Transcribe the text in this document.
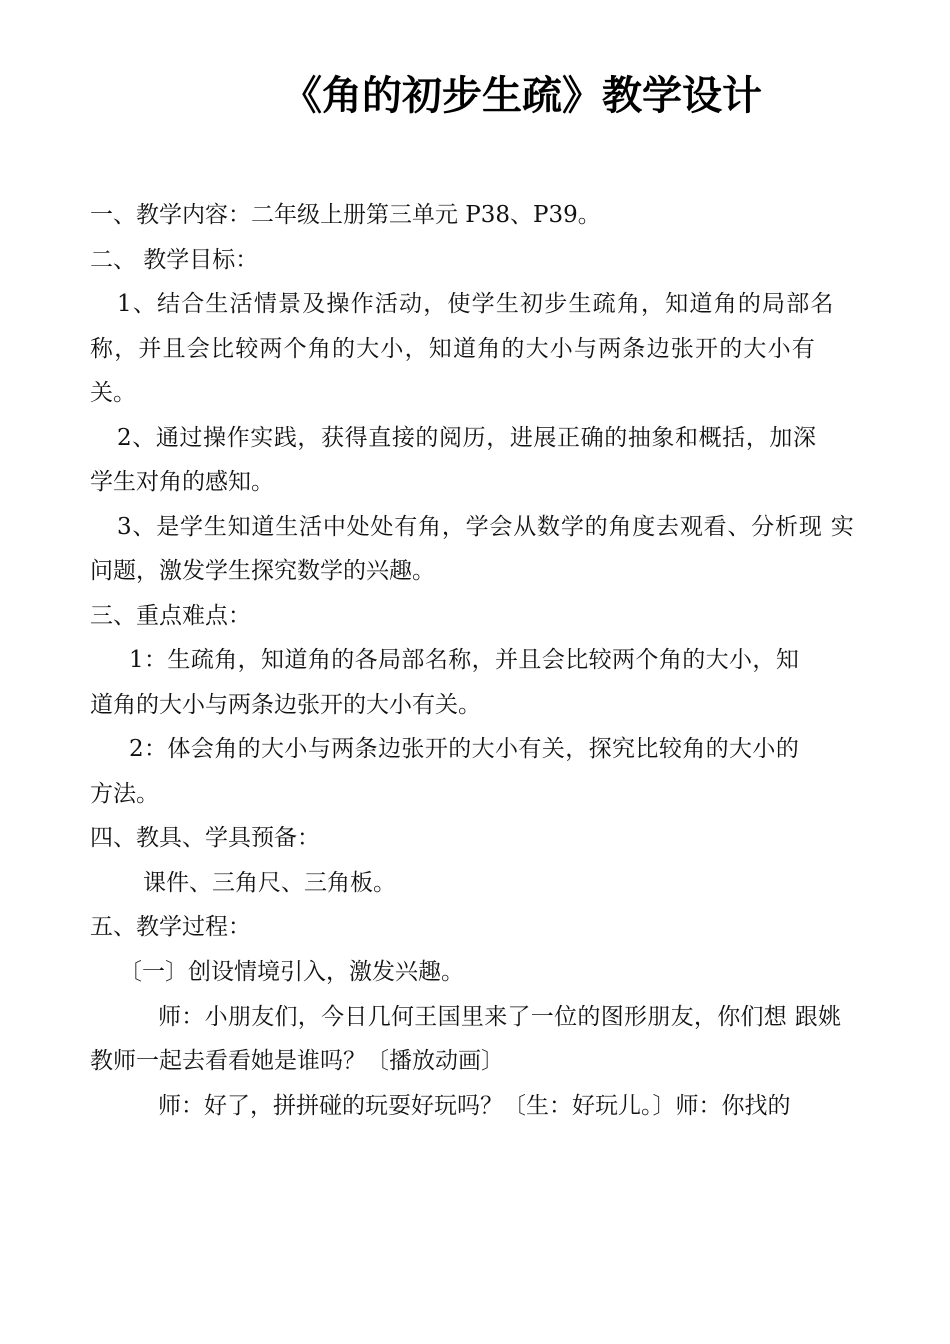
《角的初步生疏》教学设计
一、教学内容：二年级上册第三单元 P38、P39。
二、 教学目标：
1、结合生活情景及操作活动，使学生初步生疏角，知道角的局部名
称，并且会比较两个角的大小，知道角的大小与两条边张开的大小有
关。
2、通过操作实践，获得直接的阅历，进展正确的抽象和概括，加深
学生对角的感知。
3、是学生知道生活中处处有角，学会从数学的角度去观看、分析现 实
问题，激发学生探究数学的兴趣。
三、重点难点：
1：生疏角，知道角的各局部名称，并且会比较两个角的大小，知
道角的大小与两条边张开的大小有关。
2：体会角的大小与两条边张开的大小有关，探究比较角的大小的
方法。
四、教具、学具预备：
课件、三角尺、三角板。
五、教学过程：
〔一〕创设情境引入，激发兴趣。
师：小朋友们，今日几何王国里来了一位的图形朋友，你们想 跟姚
教师一起去看看她是谁吗？〔播放动画〕
师：好了，拼拼碰的玩耍好玩吗？〔生：好玩儿。〕师：你找的
